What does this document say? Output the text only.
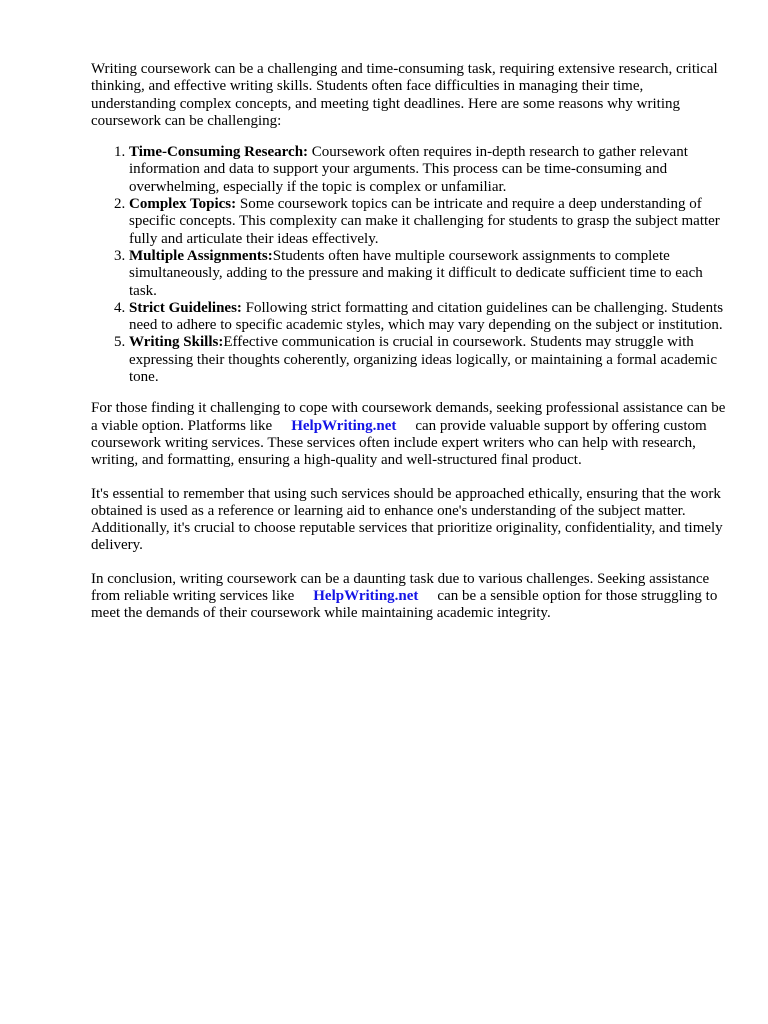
Writing coursework can be a challenging and time-consuming task, requiring extensive research, critical thinking, and effective writing skills. Students often face difficulties in managing their time, understanding complex concepts, and meeting tight deadlines. Here are some reasons why writing coursework can be challenging:

1. Time-Consuming Research: Coursework often requires in-depth research to gather relevant information and data to support your arguments. This process can be time-consuming and overwhelming, especially if the topic is complex or unfamiliar.
2. Complex Topics: Some coursework topics can be intricate and require a deep understanding of specific concepts. This complexity can make it challenging for students to grasp the subject matter fully and articulate their ideas effectively.
3. Multiple Assignments:Students often have multiple coursework assignments to complete simultaneously, adding to the pressure and making it difficult to dedicate sufficient time to each task.
4. Strict Guidelines: Following strict formatting and citation guidelines can be challenging. Students need to adhere to specific academic styles, which may vary depending on the subject or institution.
5. Writing Skills:Effective communication is crucial in coursework. Students may struggle with expressing their thoughts coherently, organizing ideas logically, or maintaining a formal academic tone.

For those finding it challenging to cope with coursework demands, seeking professional assistance can be a viable option. Platforms like HelpWriting.net can provide valuable support by offering custom coursework writing services. These services often include expert writers who can help with research, writing, and formatting, ensuring a high-quality and well-structured final product.

It's essential to remember that using such services should be approached ethically, ensuring that the work obtained is used as a reference or learning aid to enhance one's understanding of the subject matter. Additionally, it's crucial to choose reputable services that prioritize originality, confidentiality, and timely delivery.

In conclusion, writing coursework can be a daunting task due to various challenges. Seeking assistance from reliable writing services like HelpWriting.net can be a sensible option for those struggling to meet the demands of their coursework while maintaining academic integrity.
